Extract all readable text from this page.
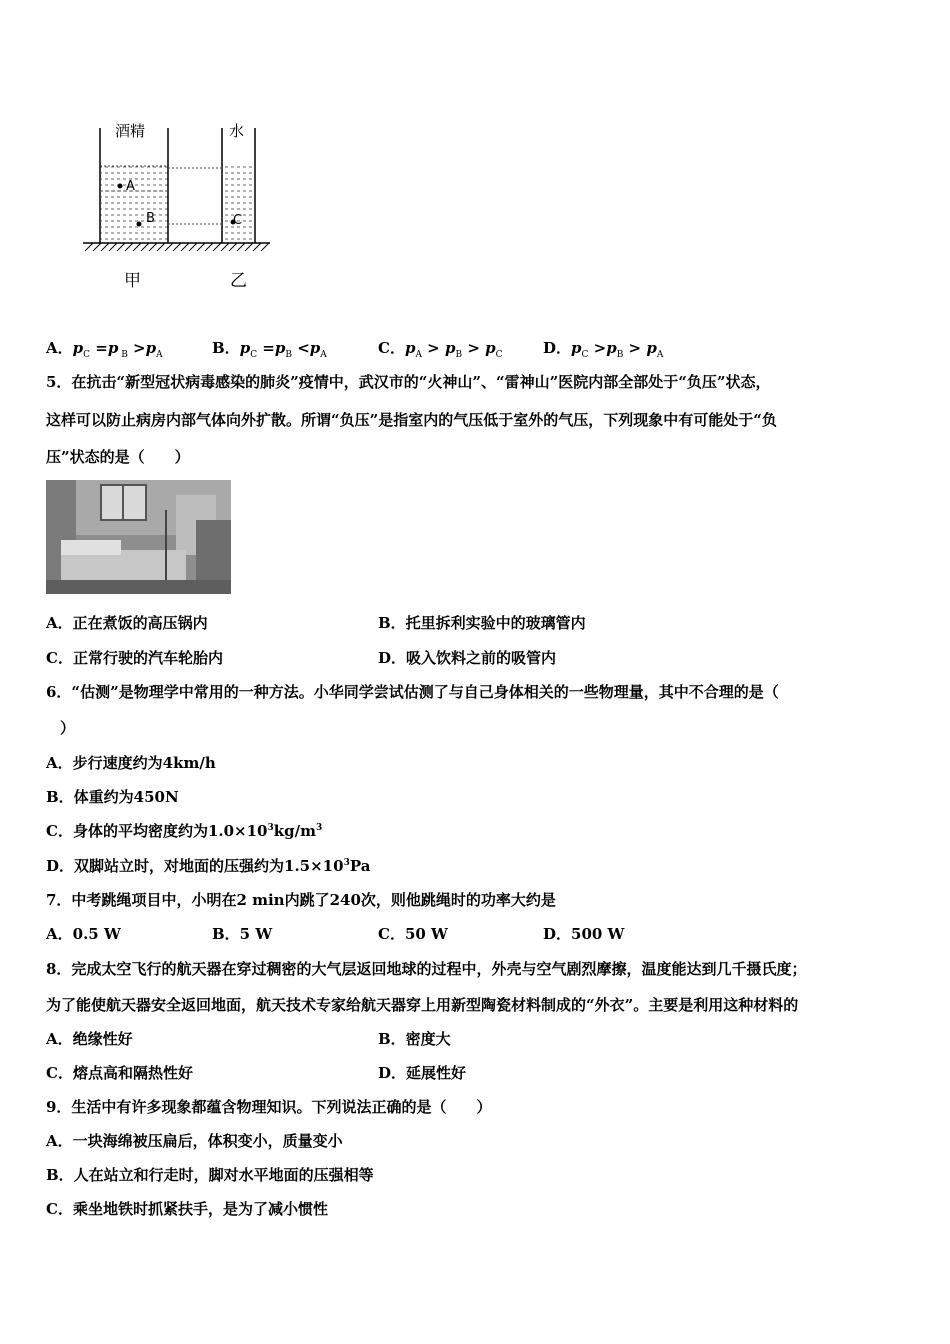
A
B	C
酒精	水
甲	乙
A．$p_C =p$ $_B >p_A$	B．$p_C =p_B <p_A$	C．$p_A > p_B > p_C$	D．$p_C >p_B > p_A$
5．在抗击“新型冠状病毒感染的肺炎”疫情中，武汉市的“火神山”、“雷神山”医院内部全部处于“负压”状态，
这样可以防止病房内部气体向外扩散。所谓“负压”是指室内的气压低于室外的气压，下列现象中有可能处于“负
压”状态的是（　　）
A．正在煮饭的高压锅内	B．托里拆利实验中的玻璃管内
C．正常行驶的汽车轮胎内	D．吸入饮料之前的吸管内
6．“估测”是物理学中常用的一种方法。小华同学尝试估测了与自己身体相关的一些物理量，其中不合理的是（
）
A．步行速度约为4km/h
B．体重约为450N
C．身体的平均密度约为$1.0\times 10^3kg/m^3$
D．双脚站立时，对地面的压强约为$1.5\times 10^3Pa$
7．中考跳绳项目中，小明在2 min内跳了240次，则他跳绳时的功率大约是
A．0.5 W	B．5 W	C．50 W	D．500 W
8．完成太空飞行的航天器在穿过稠密的大气层返回地球的过程中，外壳与空气剧烈摩擦，温度能达到几千摄氏度；
为了能使航天器安全返回地面，航天技术专家给航天器穿上用新型陶瓷材料制成的“外衣”。主要是利用这种材料的
A．绝缘性好	B．密度大
C．熔点高和隔热性好	D．延展性好
9．生活中有许多现象都蕴含物理知识。下列说法正确的是（　　）
A．一块海绵被压扁后，体积变小，质量变小
B．人在站立和行走时，脚对水平地面的压强相等
C．乘坐地铁时抓紧扶手，是为了减小惯性
